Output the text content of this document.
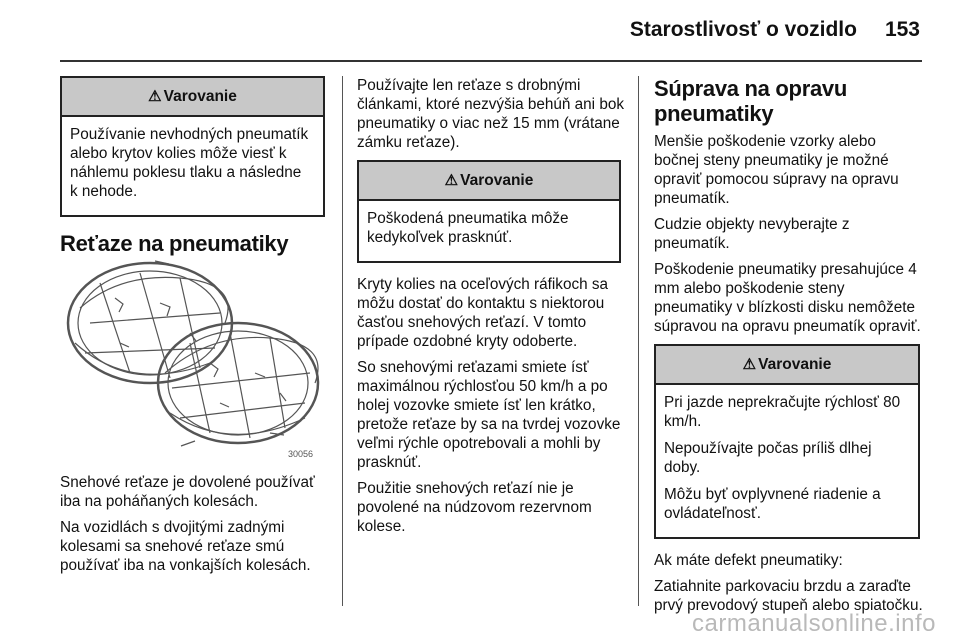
Starostlivosť o vozidlo 153
⚠ Varovanie

Používanie nevhodných pneumatík alebo krytov kolies môže viesť k náhlemu poklesu tlaku a následne k nehode.

Reťaze na pneumatiky
30056

Snehové reťaze je dovolené používať iba na poháňaných kolesách.

Na vozidlách s dvojitými zadnými kolesami sa snehové reťaze smú používať iba na vonkajších kolesách.

Používajte len reťaze s drobnými článkami, ktoré nezvýšia behúň ani bok pneumatiky o viac než 15 mm (vrátane zámku reťaze).

⚠ Varovanie

Poškodená pneumatika môže kedykoľvek prasknúť.

Kryty kolies na oceľových ráfikoch sa môžu dostať do kontaktu s niektorou časťou snehových reťazí. V tomto prípade ozdobné kryty odoberte.

So snehovými reťazami smiete ísť maximálnou rýchlosťou 50 km/h a po holej vozovke smiete ísť len krátko, pretože reťaze by sa na tvrdej vozovke veľmi rýchle opotrebovali a mohli by prasknúť.

Použitie snehových reťazí nie je povolené na núdzovom rezervnom kolese.

Súprava na opravu pneumatiky

Menšie poškodenie vzorky alebo bočnej steny pneumatiky je možné opraviť pomocou súpravy na opravu pneumatík.

Cudzie objekty nevyberajte z pneumatík.

Poškodenie pneumatiky presahujúce 4 mm alebo poškodenie steny pneumatiky v blízkosti disku nemôžete súpravou na opravu pneumatík opraviť.

⚠ Varovanie

Pri jazde neprekračujte rýchlosť 80 km/h.

Nepoužívajte počas príliš dlhej doby.

Môžu byť ovplyvnené riadenie a ovládateľnosť.

Ak máte defekt pneumatiky:

Zatiahnite parkovaciu brzdu a zaraďte prvý prevodový stupeň alebo spiatočku.

carmanualsonline.info
